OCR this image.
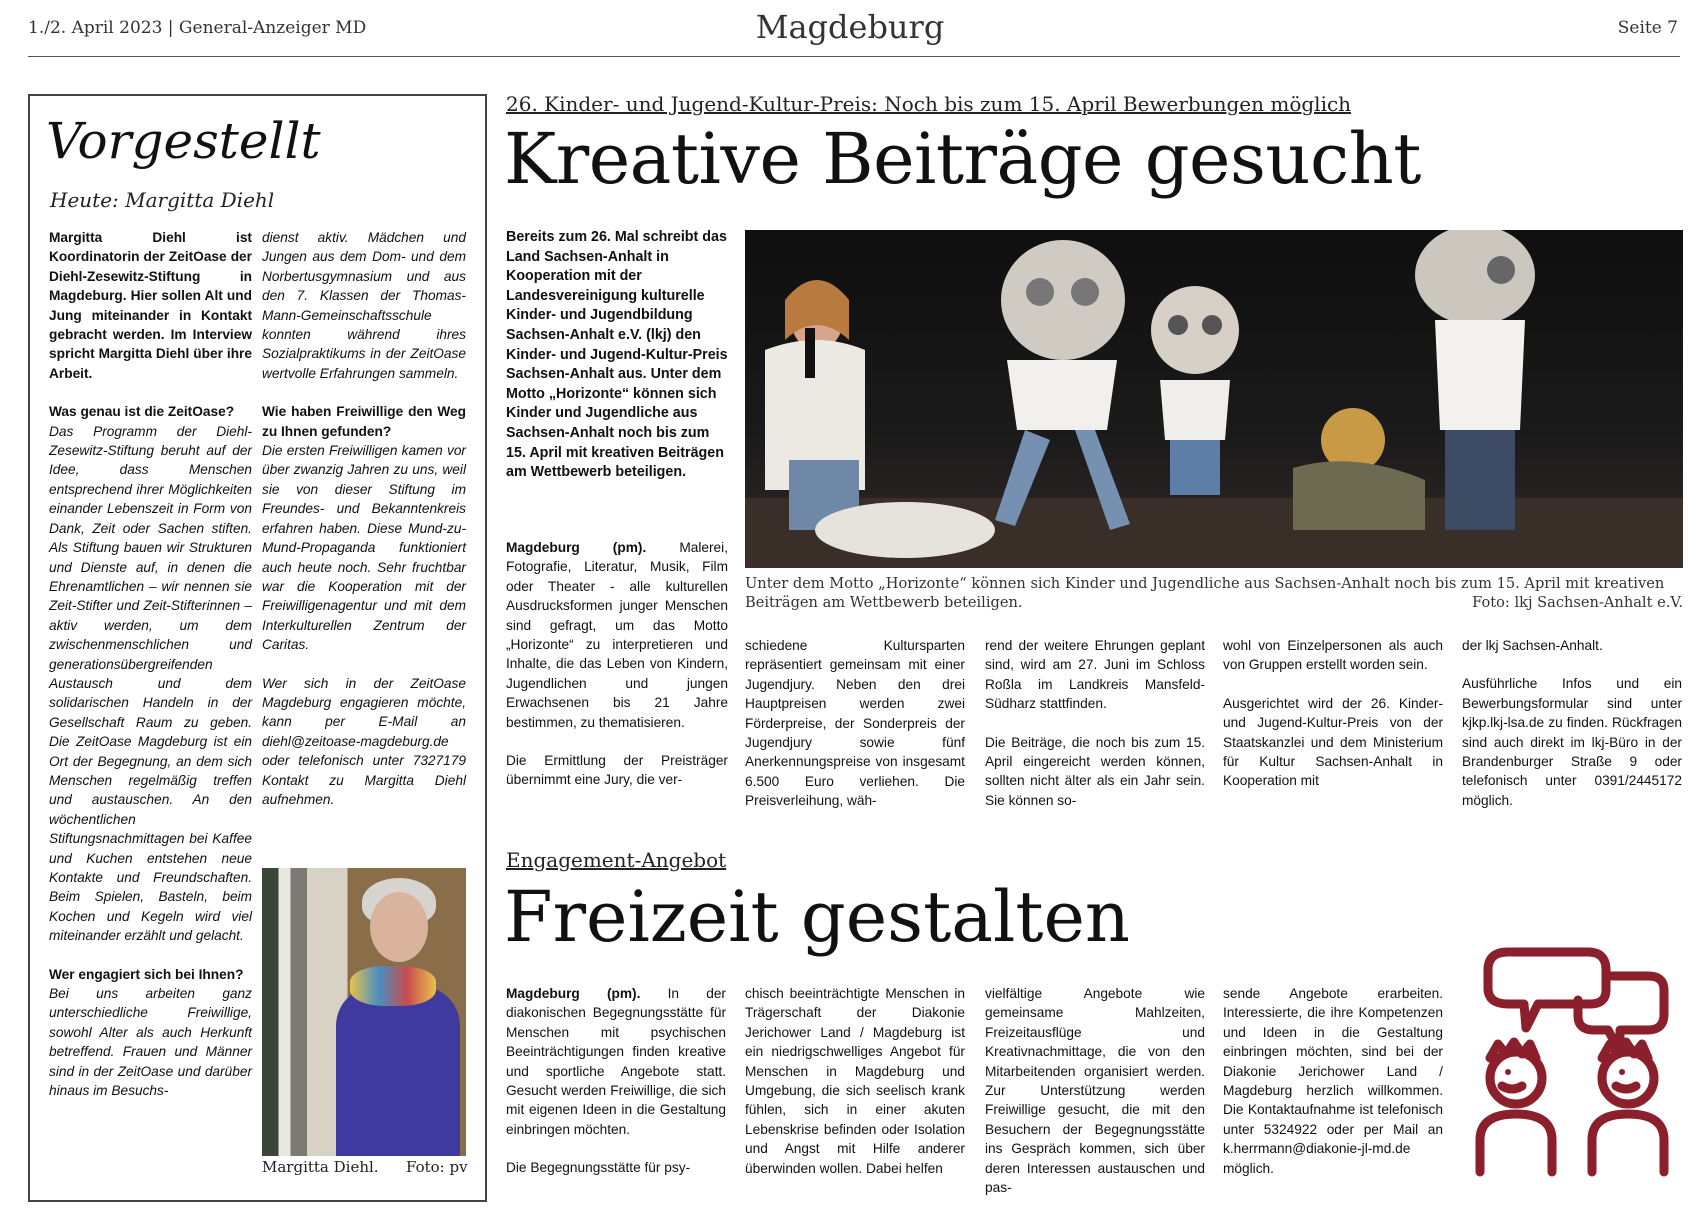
1./2. April 2023 | General-Anzeiger MD	Magdeburg	Seite 7
Vorgestellt
Heute: Margitta Diehl

Margitta Diehl ist Koordinatorin der ZeitOase der Diehl-Zesewitz-Stiftung in Magdeburg. Hier sollen Alt und Jung miteinander in Kontakt gebracht werden. Im Interview spricht Margitta Diehl über ihre Arbeit.

Was genau ist die ZeitOase?
Das Programm der Diehl-Zesewitz-Stiftung beruht auf der Idee, dass Menschen entsprechend ihrer Möglichkeiten einander Lebenszeit in Form von Dank, Zeit oder Sachen stiften. Als Stiftung bauen wir Strukturen und Dienste auf, in denen die Ehrenamtlichen – wir nennen sie Zeit-Stifter und Zeit-Stifterinnen – aktiv werden, um dem zwischenmenschlichen und generationsübergreifenden Austausch und dem solidarischen Handeln in der Gesellschaft Raum zu geben. Die ZeitOase Magdeburg ist ein Ort der Begegnung, an dem sich Menschen regelmäßig treffen und austauschen. An den wöchentlichen Stiftungsnachmittagen bei Kaffee und Kuchen entstehen neue Kontakte und Freundschaften. Beim Spielen, Basteln, beim Kochen und Kegeln wird viel miteinander erzählt und gelacht.

Wer engagiert sich bei Ihnen?
Bei uns arbeiten ganz unterschiedliche Freiwillige, sowohl Alter als auch Herkunft betreffend. Frauen und Männer sind in der ZeitOase und darüber hinaus im Besuchs-

dienst aktiv. Mädchen und Jungen aus dem Dom- und dem Norbertusgymnasium und aus den 7. Klassen der Thomas-Mann-Gemeinschaftsschule konnten während ihres Sozialpraktikums in der ZeitOase wertvolle Erfahrungen sammeln.

Wie haben Freiwillige den Weg zu Ihnen gefunden?
Die ersten Freiwilligen kamen vor über zwanzig Jahren zu uns, weil sie von dieser Stiftung im Freundes- und Bekanntenkreis erfahren haben. Diese Mund-zu-Mund-Propaganda funktioniert auch heute noch. Sehr fruchtbar war die Kooperation mit der Freiwilligenagentur und mit dem Interkulturellen Zentrum der Caritas.

Wer sich in der ZeitOase Magdeburg engagieren möchte, kann per E-Mail an diehl@zeitoase-magdeburg.de oder telefonisch unter 7327179 Kontakt zu Margitta Diehl aufnehmen.

Margitta Diehl. Foto: pv
26. Kinder- und Jugend-Kultur-Preis: Noch bis zum 15. April Bewerbungen möglich
Kreative Beiträge gesucht

Bereits zum 26. Mal schreibt das Land Sachsen-Anhalt in Kooperation mit der Landesvereinigung kulturelle Kinder- und Jugendbildung Sachsen-Anhalt e.V. (lkj) den Kinder- und Jugend-Kultur-Preis Sachsen-Anhalt aus. Unter dem Motto „Horizonte“ können sich Kinder und Jugendliche aus Sachsen-Anhalt noch bis zum 15. April mit kreativen Beiträgen am Wettbewerb beteiligen.

Magdeburg (pm). Malerei, Fotografie, Literatur, Musik, Film oder Theater - alle kulturellen Ausdrucksformen junger Menschen sind gefragt, um das Motto „Horizonte“ zu interpretieren und Inhalte, die das Leben von Kindern, Jugendlichen und jungen Erwachsenen bis 21 Jahre bestimmen, zu thematisieren.

Die Ermittlung der Preisträger übernimmt eine Jury, die ver-

Unter dem Motto „Horizonte“ können sich Kinder und Jugendliche aus Sachsen-Anhalt noch bis zum 15. April mit kreativen Beiträgen am Wettbewerb beteiligen.	Foto: lkj Sachsen-Anhalt e.V.

schiedene Kultursparten repräsentiert gemeinsam mit einer Jugendjury. Neben den drei Hauptpreisen werden zwei Förderpreise, der Sonderpreis der Jugendjury sowie fünf Anerkennungspreise von insgesamt 6.500 Euro verliehen. Die Preisverleihung, wäh-

rend der weitere Ehrungen geplant sind, wird am 27. Juni im Schloss Roßla im Landkreis Mansfeld-Südharz stattfinden.

Die Beiträge, die noch bis zum 15. April eingereicht werden können, sollten nicht älter als ein Jahr sein. Sie können so-

wohl von Einzelpersonen als auch von Gruppen erstellt worden sein.

Ausgerichtet wird der 26. Kinder- und Jugend-Kultur-Preis von der Staatskanzlei und dem Ministerium für Kultur Sachsen-Anhalt in Kooperation mit

der lkj Sachsen-Anhalt.

Ausführliche Infos und ein Bewerbungsformular sind unter kjkp.lkj-lsa.de zu finden. Rückfragen sind auch direkt im lkj-Büro in der Brandenburger Straße 9 oder telefonisch unter 0391/2445172 möglich.

Engagement-Angebot
Freizeit gestalten

Magdeburg (pm). In der diakonischen Begegnungsstätte für Menschen mit psychischen Beeinträchtigungen finden kreative und sportliche Angebote statt. Gesucht werden Freiwillige, die sich mit eigenen Ideen in die Gestaltung einbringen möchten.

Die Begegnungsstätte für psy-

chisch beeinträchtigte Menschen in Trägerschaft der Diakonie Jerichower Land / Magdeburg ist ein niedrigschwelliges Angebot für Menschen in Magdeburg und Umgebung, die sich seelisch krank fühlen, sich in einer akuten Lebenskrise befinden oder Isolation und Angst mit Hilfe anderer überwinden wollen. Dabei helfen

vielfältige Angebote wie gemeinsame Mahlzeiten, Freizeitausflüge und Kreativnachmittage, die von den Mitarbeitenden organisiert werden. Zur Unterstützung werden Freiwillige gesucht, die mit den Besuchern der Begegnungsstätte ins Gespräch kommen, sich über deren Interessen austauschen und pas-

sende Angebote erarbeiten. Interessierte, die ihre Kompetenzen und Ideen in die Gestaltung einbringen möchten, sind bei der Diakonie Jerichower Land / Magdeburg herzlich willkommen. Die Kontaktaufnahme ist telefonisch unter 5324922 oder per Mail an k.herrmann@diakonie-jl-md.de möglich.
